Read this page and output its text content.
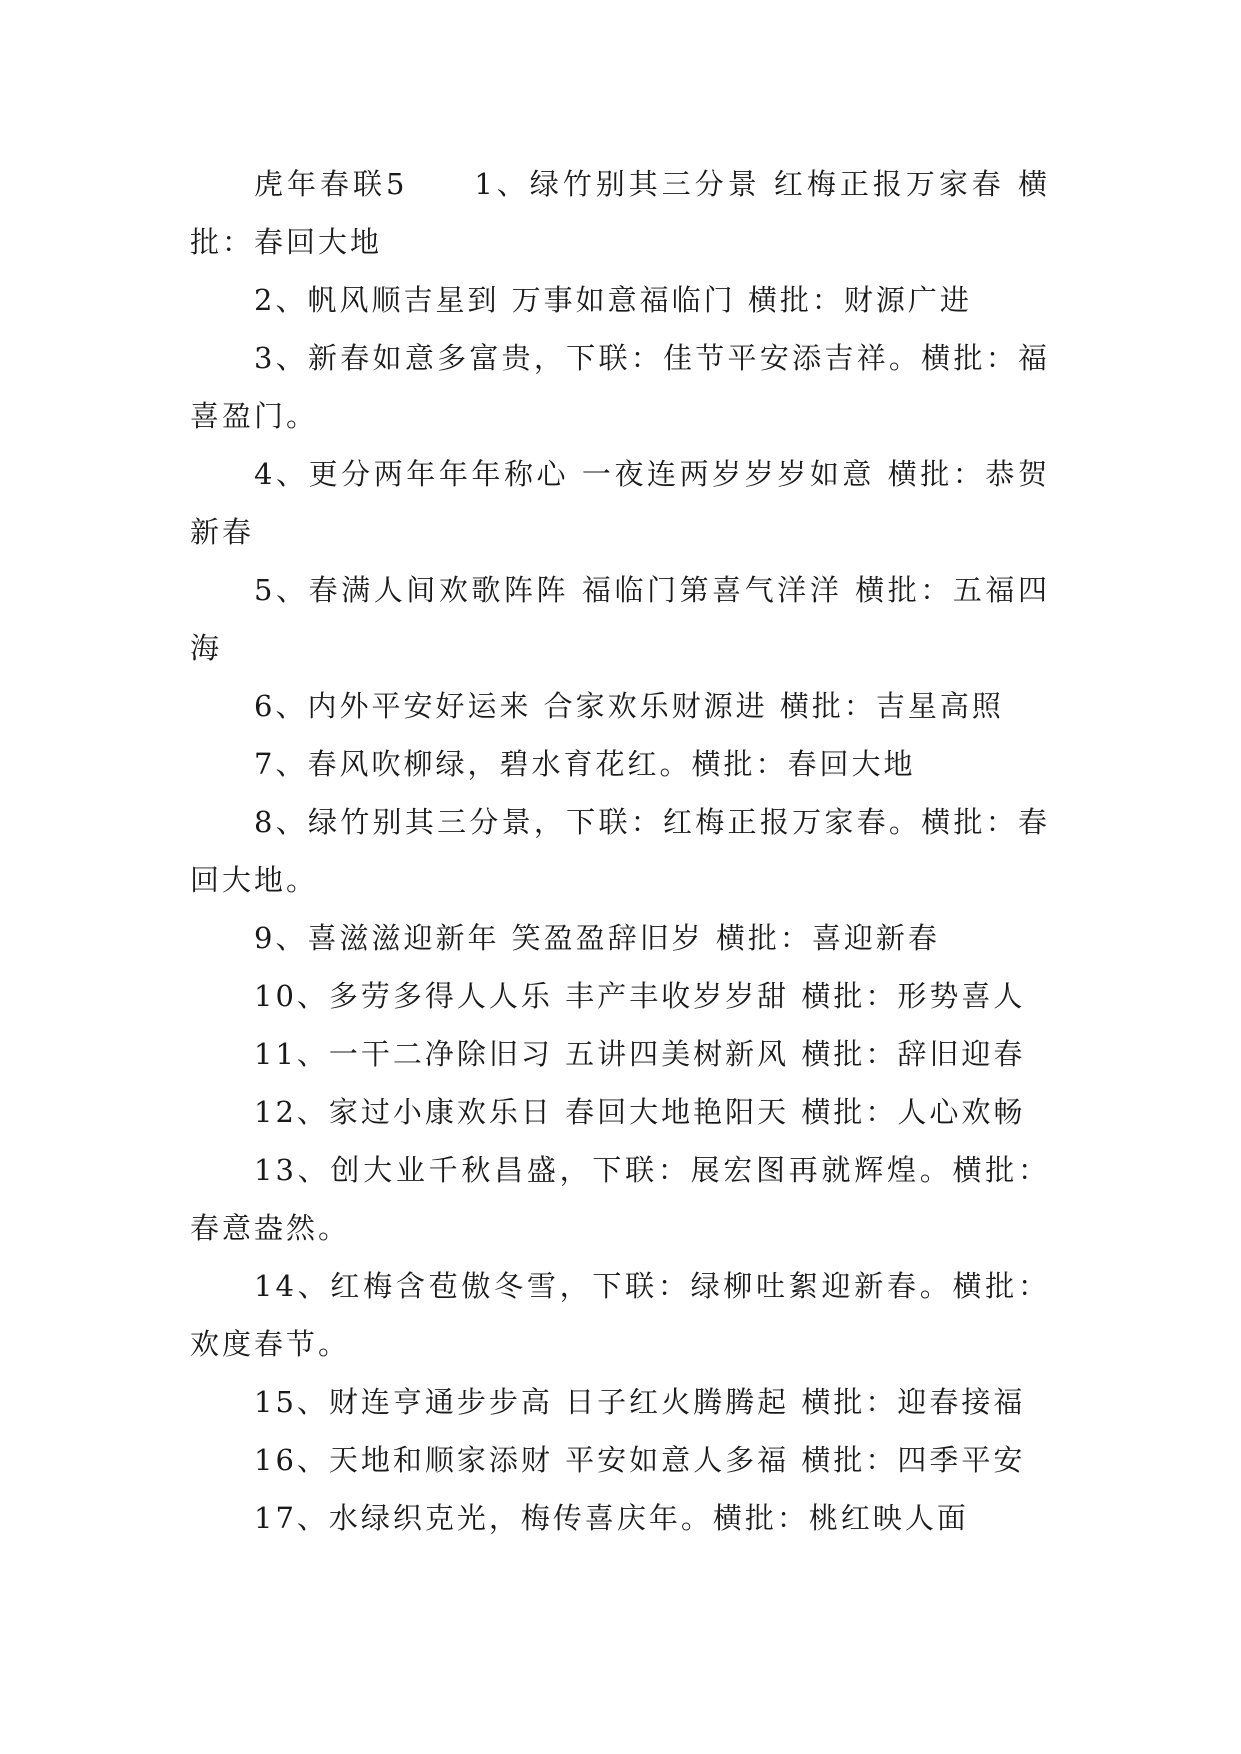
虎年春联5　　1、绿竹别其三分景 红梅正报万家春 横批：春回大地

2、帆风顺吉星到 万事如意福临门 横批：财源广进

3、新春如意多富贵，下联：佳节平安添吉祥。横批：福喜盈门。

4、更分两年年年称心 一夜连两岁岁岁如意 横批：恭贺新春

5、春满人间欢歌阵阵 福临门第喜气洋洋 横批：五福四海

6、内外平安好运来 合家欢乐财源进 横批：吉星高照

7、春风吹柳绿，碧水育花红。横批：春回大地

8、绿竹别其三分景，下联：红梅正报万家春。横批：春回大地。

9、喜滋滋迎新年 笑盈盈辞旧岁 横批：喜迎新春

10、多劳多得人人乐 丰产丰收岁岁甜 横批：形势喜人

11、一干二净除旧习 五讲四美树新风 横批：辞旧迎春

12、家过小康欢乐日 春回大地艳阳天 横批：人心欢畅

13、创大业千秋昌盛，下联：展宏图再就辉煌。横批：春意盎然。

14、红梅含苞傲冬雪，下联：绿柳吐絮迎新春。横批：欢度春节。

15、财连亨通步步高 日子红火腾腾起 横批：迎春接福

16、天地和顺家添财 平安如意人多福 横批：四季平安

17、水绿织克光，梅传喜庆年。横批：桃红映人面
